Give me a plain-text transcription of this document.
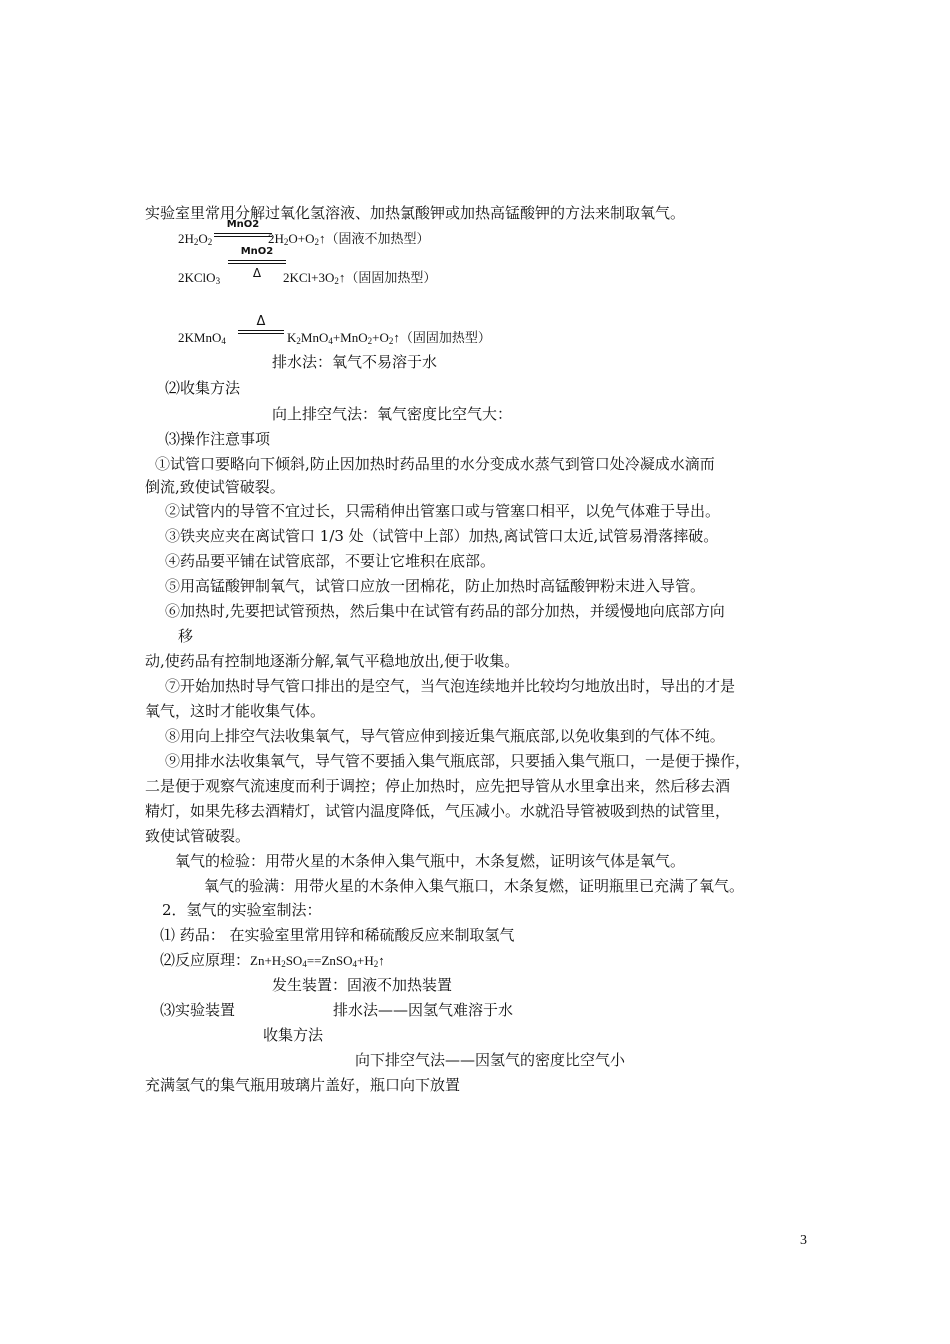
实验室里常用分解过氧化氢溶液、加热氯酸钾或加热高锰酸钾的方法来制取氧气。
$2H_2O_2$
MnO2
$2H_2O+O_2↑$（固液不加热型）
2KClO$_3$
MnO2
Δ	$2KCl+3O_2↑$（固固加热型）
2KMnO$_4$
Δ
$K_2MnO_4+MnO_2+O_2↑$（固固加热型）
排水法：氧气不易溶于水
⑵收集方法
向上排空气法：氧气密度比空气大：
⑶操作注意事项
①试管口要略向下倾斜,防止因加热时药品里的水分变成水蒸气到管口处冷凝成水滴而
倒流,致使试管破裂。
②试管内的导管不宜过长，只需稍伸出管塞口或与管塞口相平，以免气体难于导出。
③铁夹应夹在离试管口 1/3 处（试管中上部）加热,离试管口太近,试管易滑落摔破。
④药品要平铺在试管底部，不要让它堆积在底部。
⑤用高锰酸钾制氧气，试管口应放一团棉花，防止加热时高锰酸钾粉末进入导管。
⑥加热时,先要把试管预热，然后集中在试管有药品的部分加热，并缓慢地向底部方向
移
动,使药品有控制地逐渐分解,氧气平稳地放出,便于收集。
⑦开始加热时导气管口排出的是空气，当气泡连续地并比较均匀地放出时，导出的才是
氧气，这时才能收集气体。
⑧用向上排空气法收集氧气，导气管应伸到接近集气瓶底部,以免收集到的气体不纯。
⑨用排水法收集氧气，导气管不要插入集气瓶底部，只要插入集气瓶口，一是便于操作，
二是便于观察气流速度而利于调控；停止加热时，应先把导管从水里拿出来，然后移去酒
精灯，如果先移去酒精灯，试管内温度降低，气压减小。水就沿导管被吸到热的试管里，
致使试管破裂。
氧气的检验：用带火星的木条伸入集气瓶中，木条复燃，证明该气体是氧气。
氧气的验满：用带火星的木条伸入集气瓶口，木条复燃，证明瓶里已充满了氧气。
2．氢气的实验室制法：
⑴ 药品： 在实验室里常用锌和稀硫酸反应来制取氢气
⑵反应原理：$Zn+H_2SO_4==ZnSO_4+H_2↑$
发生装置：固液不加热装置
⑶实验装置	排水法——因氢气难溶于水
收集方法
向下排空气法——因氢气的密度比空气小
充满氢气的集气瓶用玻璃片盖好，瓶口向下放置
3
